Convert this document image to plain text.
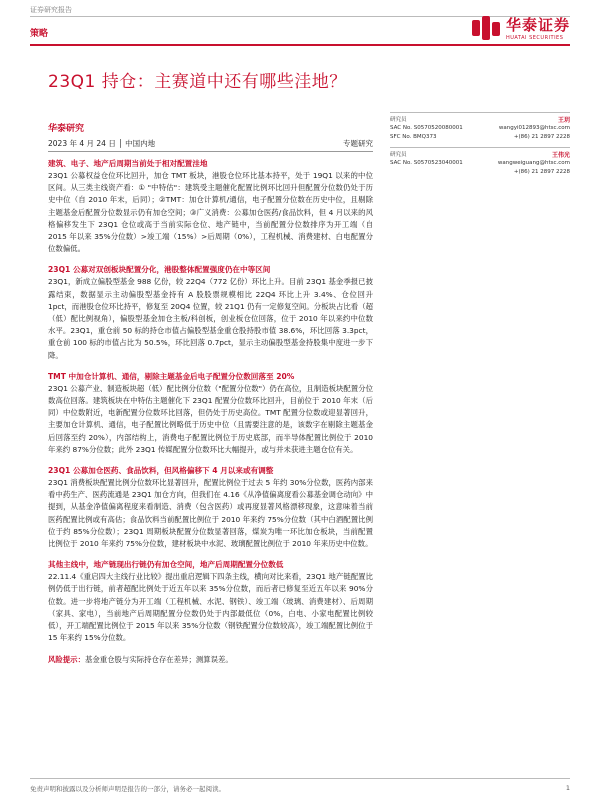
证券研究报告
华泰证券
HUATAI SECURITIES
策略
23Q1 持仓：主赛道中还有哪些洼地？
华泰研究
2023 年 4 月 24 日 │ 中国内地	专题研究
研究员	王玥
SAC No. S0570520080001	wangyi012893@htsc.com
SFC No. BMQ373	+(86) 21 2897 2228
研究员	王伟光
SAC No. S0570523040001	wangweiguang@htsc.com
+(86) 21 2897 2228
建筑、电子、地产后周期当前处于相对配置洼地
23Q1 公募权益仓位环比回升，加仓 TMT 板块，港股仓位环比基本持平，处于 19Q1 以来的中位区间。从三类主线资产看：① "中特估"：建筑受主题催化配置比例环比回升但配置分位数仍处于历史中位（自 2010 年末，后同）；②TMT：加仓计算机/通信，电子配置分位数在历史中位，且剔除主题基金后配置分位数显示仍有加仓空间；③广义消费：公募加仓医药/食品饮料，但 4 月以来的风格偏移发生下 23Q1 仓位或高于当前实际仓位、地产链中，当前配置分位数排序为开工端（自 2015 年以来 35%分位数）>竣工端（15%）>后周期（0%），工程机械、消费建材、白电配置分位数偏低。
23Q1 公募对双创板块配置分化，港股整体配置强度仍在中等区间
23Q1，新成立偏股型基金 988 亿份，较 22Q4（772 亿份）环比上升。目前 23Q1 基金季报已披露结束，数据显示主动偏股型基金持有 A 股股票规模相比 22Q4 环比上升 3.4%、仓位回升 1pct，而港股仓位环比持平，修复至 20Q4 位置，较 21Q1 仍有一定修复空间。分板块占比看（超（低）配比例视角），偏股型基金加仓主板/科创板，创业板仓位回落，位于 2010 年以来约中位数水平。23Q1，重仓前 50 标的持仓市值占偏股型基金重仓股持股市值 38.6%，环比回落 3.3pct，重仓前 100 标的市值占比为 50.5%，环比回落 0.7pct，显示主动偏股型基金持股集中度进一步下降。
TMT 中加仓计算机、通信，剔除主题基金后电子配置分位数回落至 20%
23Q1 公募产业、制造板块超（低）配比例分位数（"配置分位数"）仍在高位，且制造板块配置分位数高位回落。建筑板块在中特估主题催化下 23Q1 配置分位数环比回升，目前位于 2010 年末（后同）中位数附近，电新配置分位数环比回落，但仍处于历史高位。TMT 配置分位数或迎显著回升，主要加仓计算机、通信，电子配置比例略低于历史中位（且需要注意的是，该数字在剔除主题基金后回落至约 20%），内部结构上，消费电子配置比例位于历史底部，而半导体配置比例位于 2010 年来约 87%分位数；此外 23Q1 传媒配置分位数环比大幅提升，或与并未获进主题仓位有关。
23Q1 公募加仓医药、食品饮料，但风格偏移下 4 月以来或有调整
23Q1 消费板块配置比例分位数环比显著回升，配置比例位于过去 5 年约 30%分位数，医药内部来看中药生产、医药流通是 23Q1 加仓方向，但我们在 4.16《从净值偏离度看公募基金调仓动向》中提到，从基金净值偏离程度来看制造、消费（包含医药）或再度显著风格漂移现象，这意味着当前医药配置比例或有高估；食品饮料当前配置比例位于 2010 年来约 75%分位数（其中白酒配置比例位于约 85%分位数）；23Q1 周期板块配置分位数显著回落，煤炭为唯一环比加仓板块，当前配置比例位于 2010 年来约 75%分位数，建材板块中水泥、玻璃配置比例位于 2010 年来历史中位数。
其他主线中，地产链现出行链仍有加仓空间，地产后周期配置分位数低
22.11.4《重启四大主线行业比较》提出重启逻辑下四条主线，横向对比来看，23Q1 地产链配置比例仍低于出行链，前者超配比例处于近五年以来 35%分位数，而后者已修复至近五年以来 90%分位数。进一步将地产链分为开工端（工程机械、水泥、钢铁）、竣工端（玻璃、消费建材）、后周期（家具、家电），当前地产后周期配置分位数仍处于内部最低位（0%，白电、小家电配置比例较低），开工端配置比例位于 2015 年以来 35%分位数（钢铁配置分位数较高），竣工端配置比例位于 15 年来约 15%分位数。
风险提示：基金重仓股与实际持仓存在差异；测算误差。
免责声明和披露以及分析师声明是报告的一部分，请务必一起阅读。	1
